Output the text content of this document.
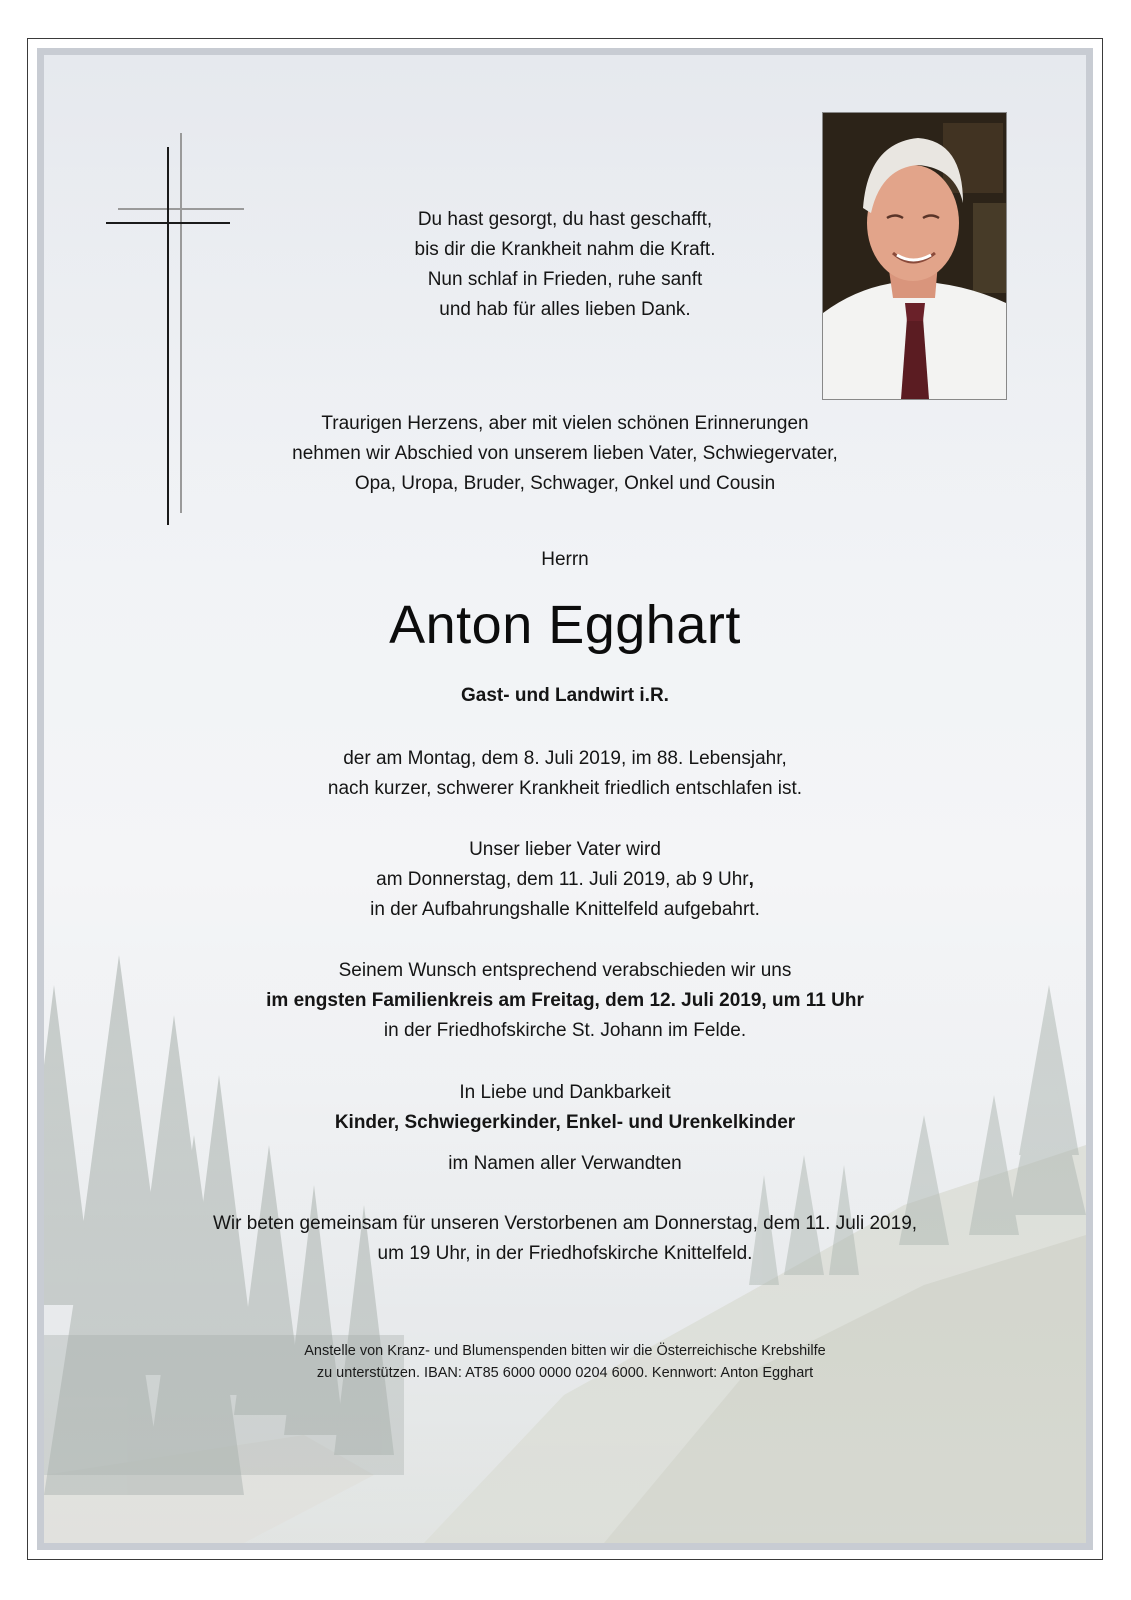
Du hast gesorgt, du hast geschafft,
bis dir die Krankheit nahm die Kraft.
Nun schlaf in Frieden, ruhe sanft
und hab für alles lieben Dank.
Traurigen Herzens, aber mit vielen schönen Erinnerungen
nehmen wir Abschied von unserem lieben Vater, Schwiegervater,
Opa, Uropa, Bruder, Schwager, Onkel und Cousin
Herrn
Anton Egghart
Gast- und Landwirt i.R.
der am Montag, dem 8. Juli 2019, im 88. Lebensjahr,
nach kurzer, schwerer Krankheit friedlich entschlafen ist.
Unser lieber Vater wird
am Donnerstag, dem 11. Juli 2019, ab 9 Uhr,
in der Aufbahrungshalle Knittelfeld aufgebahrt.
Seinem Wunsch entsprechend verabschieden wir uns
im engsten Familienkreis am Freitag, dem 12. Juli 2019, um 11 Uhr
in der Friedhofskirche St. Johann im Felde.
In Liebe und Dankbarkeit
Kinder, Schwiegerkinder, Enkel- und Urenkelkinder
im Namen aller Verwandten
Wir beten gemeinsam für unseren Verstorbenen am Donnerstag, dem 11. Juli 2019,
um 19 Uhr, in der Friedhofskirche Knittelfeld.
Anstelle von Kranz- und Blumenspenden bitten wir die Österreichische Krebshilfe
zu unterstützen. IBAN: AT85 6000 0000 0204 6000. Kennwort: Anton Egghart
